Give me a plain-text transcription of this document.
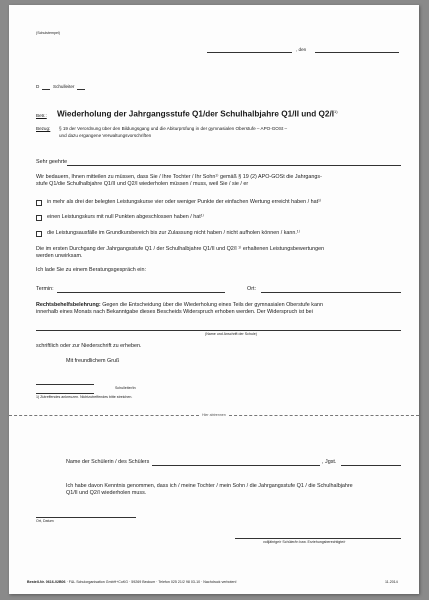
(Schulstempel)
, den
D	Schulleiter
Betr.: Wiederholung der Jahrgangsstufe Q1/der Schulhalbjahre Q1/II und $Q2/I^{1)}$
Bezug: § 19 der Verordnung über den Bildungsgang und die Abiturprüfung in der gymnasialen Oberstufe – APO-GOSt –
und dazu ergangene Verwaltungsvorschriften
Sehr geehrte
Wir bedauern, Ihnen mitteilen zu müssen, dass Sie / Ihre Tochter / Ihr Sohn¹⁾ gemäß § 19 (2) APO-GOSt die Jahrgangs-
stufe Q1/die Schulhalbjahre Q1/II und Q2/I wiederholen müssen / muss, weil Sie / sie / er
in mehr als drei der belegten Leistungskurse vier oder weniger Punkte der einfachen Wertung erreicht haben / hat¹⁾
einen Leistungskurs mit null Punkten abgeschlossen haben / hat¹⁾
die Leistungsausfälle im Grundkursbereich bis zur Zulassung nicht haben / nicht aufholen können / kann.¹⁾
Die im ersten Durchgang der Jahrgangsstufe Q1 / der Schulhalbjahre Q1/II und Q2/I ¹⁾ erhaltenen Leistungsbewertungen
werden unwirksam.
Ich lade Sie zu einem Beratungsgespräch ein:
Termin:	Ort:
Rechtsbehelfsbelehrung: Gegen die Entscheidung über die Wiederholung eines Teils der gymnasialen Oberstufe kann
innerhalb eines Monats nach Bekanntgabe dieses Bescheids Widerspruch erhoben werden. Der Widerspruch ist bei
(Name und Anschrift der Schule)
schriftlich oder zur Niederschrift zu erheben.
Mit freundlichem Gruß
Schulleiter/in
1) Zutreffendes ankreuzen. Nichtzutreffendes bitte streichen.
Hier abtrennen
Name der Schülerin / des Schülers	, Jgst.
Ich habe davon Kenntnis genommen, dass ich / meine Tochter / mein Sohn / die Jahrgangsstufe Q1 / die Schulhalbjahre
Q1/II und Q2/I wiederholen muss.
Ort, Datum
volljährige/r Schüler/in bzw. Erziehungsberechtigte/r
Bestell-Nr. 0616-02B06 · F&L Schulorganisation GmbH+CoKG · 59269 Beckum · Telefon 025 21/2 98 03-10 · Nachdruck verboten!	11.2014
